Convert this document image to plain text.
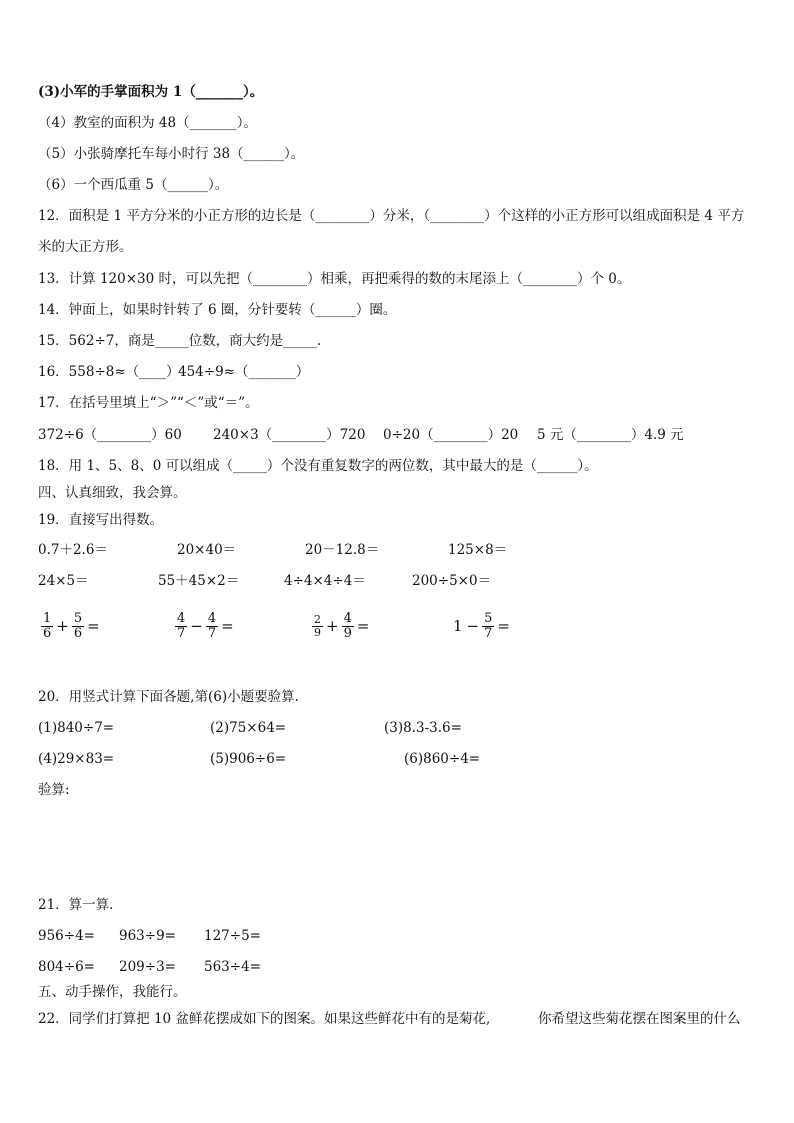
(3)小军的手掌面积为 1（_______）。
（4）教室的面积为 48（_______）。
（5）小张骑摩托车每小时行 38（______）。
（6）一个西瓜重 5（______）。
12．面积是 1 平方分米的小正方形的边长是（________）分米，（________）个这样的小正方形可以组成面积是 4 平方
米的大正方形。
13．计算 120×30 时，可以先把（________）相乘，再把乘得的数的末尾添上（________）个 0。
14．钟面上，如果时针转了 6 圈，分针要转（______）圈。
15．562÷7，商是_____位数，商大约是_____.
16．558÷8≈（____）
454÷9≈（_______）
17．在括号里填上“＞”“＜”或“＝”。
372÷6（________）60 240×3（________）720 0÷20（________）20 5 元（________）4.9 元
18．用 1、5、8、0 可以组成（_____）个没有重复数字的两位数，其中最大的是（______）。
四、认真细致，我会算。
19．直接写出得数。
0.7＋2.6＝	20×40＝	20－12.8＝	125×8＝
24×5＝	55＋45×2＝	4÷4×4÷4＝	200÷5×0＝
$\frac{1}{6} + \frac{5}{6}$ =	$\frac{4}{7} - \frac{4}{7}$ =	$\frac{2}{9} + \frac{4}{9}$ =	$1 - \frac{5}{7}$ =
20．用竖式计算下面各题,第(6)小题要验算.
(1)840÷7=	(2)75×64=	(3)8.3-3.6=
(4)29×83=	(5)906÷6=	(6)860÷4=
验算:
21．算一算.
956÷4= 963÷9= 127÷5=
804÷6= 209÷3= 563÷4=
五、动手操作，我能行。
22．同学们打算把 10 盆鲜花摆成如下的图案。如果这些鲜花中有的是菊花,	你希望这些菊花摆在图案里的什么
